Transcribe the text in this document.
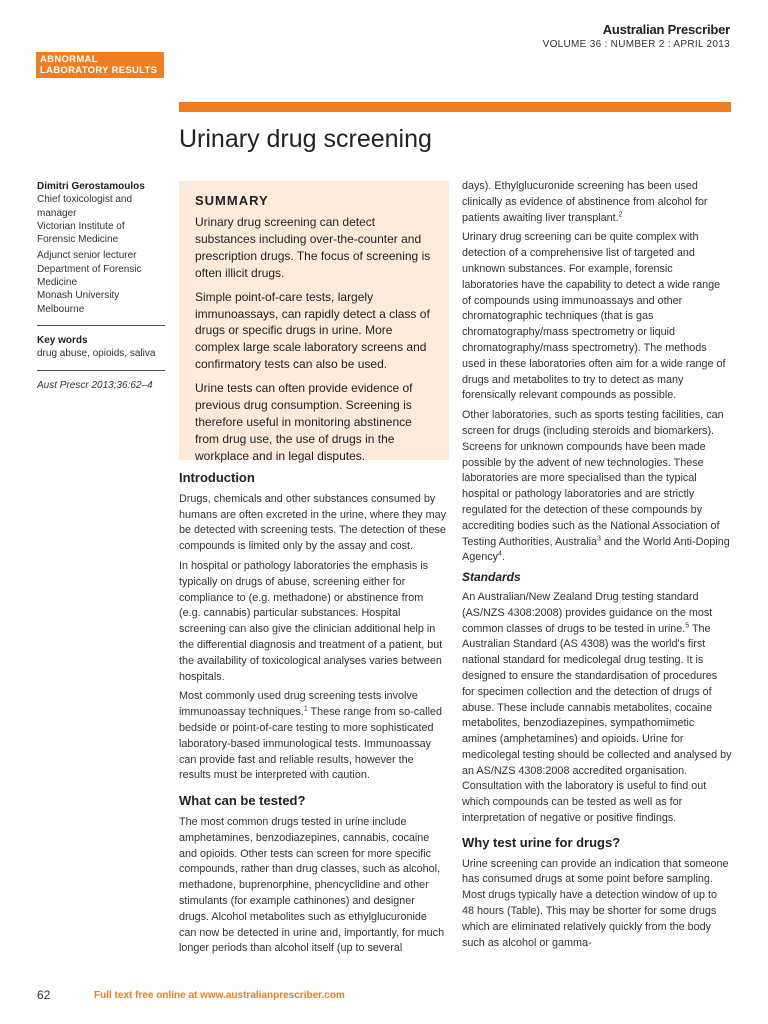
Australian Prescriber
VOLUME 36 : NUMBER 2 : APRIL 2013
ABNORMAL
LABORATORY RESULTS
Urinary drug screening

Dimitri Gerostamoulos

Chief toxicologist and manager

Victorian Institute of Forensic Medicine

Adjunct senior lecturer

Department of Forensic Medicine

Monash University

Melbourne

Key words

drug abuse, opioids, saliva

Aust Prescr 2013;36:62–4

SUMMARY

Urinary drug screening can detect substances including over-the-counter and prescription drugs. The focus of screening is often illicit drugs.

Simple point-of-care tests, largely immunoassays, can rapidly detect a class of drugs or specific drugs in urine. More complex large scale laboratory screens and confirmatory tests can also be used.

Urine tests can often provide evidence of previous drug consumption. Screening is therefore useful in monitoring abstinence from drug use, the use of drugs in the workplace and in legal disputes.

Introduction

Drugs, chemicals and other substances consumed by humans are often excreted in the urine, where they may be detected with screening tests. The detection of these compounds is limited only by the assay and cost.

In hospital or pathology laboratories the emphasis is typically on drugs of abuse, screening either for compliance to (e.g. methadone) or abstinence from (e.g. cannabis) particular substances. Hospital screening can also give the clinician additional help in the differential diagnosis and treatment of a patient, but the availability of toxicological analyses varies between hospitals.

Most commonly used drug screening tests involve immunoassay techniques.$^1$ These range from so-called bedside or point-of-care testing to more sophisticated laboratory-based immunological tests. Immunoassay can provide fast and reliable results, however the results must be interpreted with caution.

What can be tested?

The most common drugs tested in urine include amphetamines, benzodiazepines, cannabis, cocaine and opioids. Other tests can screen for more specific compounds, rather than drug classes, such as alcohol, methadone, buprenorphine, phencyclidine and other stimulants (for example cathinones) and designer drugs. Alcohol metabolites such as ethylglucuronide can now be detected in urine and, importantly, for much longer periods than alcohol itself (up to several

days). Ethylglucuronide screening has been used clinically as evidence of abstinence from alcohol for patients awaiting liver transplant.$^2$

Urinary drug screening can be quite complex with detection of a comprehensive list of targeted and unknown substances. For example, forensic laboratories have the capability to detect a wide range of compounds using immunoassays and other chromatographic techniques (that is gas chromatography/mass spectrometry or liquid chromatography/mass spectrometry). The methods used in these laboratories often aim for a wide range of drugs and metabolites to try to detect as many forensically relevant compounds as possible.

Other laboratories, such as sports testing facilities, can screen for drugs (including steroids and biomarkers). Screens for unknown compounds have been made possible by the advent of new technologies. These laboratories are more specialised than the typical hospital or pathology laboratories and are strictly regulated for the detection of these compounds by accrediting bodies such as the National Association of Testing Authorities, Australia$^3$ and the World Anti-Doping Agency$^4$.

Standards

An Australian/New Zealand Drug testing standard (AS/NZS 4308:2008) provides guidance on the most common classes of drugs to be tested in urine.$^5$ The Australian Standard (AS 4308) was the world's first national standard for medicolegal drug testing. It is designed to ensure the standardisation of procedures for specimen collection and the detection of drugs of abuse. These include cannabis metabolites, cocaine metabolites, benzodiazepines, sympathomimetic amines (amphetamines) and opioids. Urine for medicolegal testing should be collected and analysed by an AS/NZS 4308:2008 accredited organisation. Consultation with the laboratory is useful to find out which compounds can be tested as well as for interpretation of negative or positive findings.

Why test urine for drugs?

Urine screening can provide an indication that someone has consumed drugs at some point before sampling. Most drugs typically have a detection window of up to 48 hours (Table). This may be shorter for some drugs which are eliminated relatively quickly from the body such as alcohol or gamma-

62	Full text free online at www.australianprescriber.com
